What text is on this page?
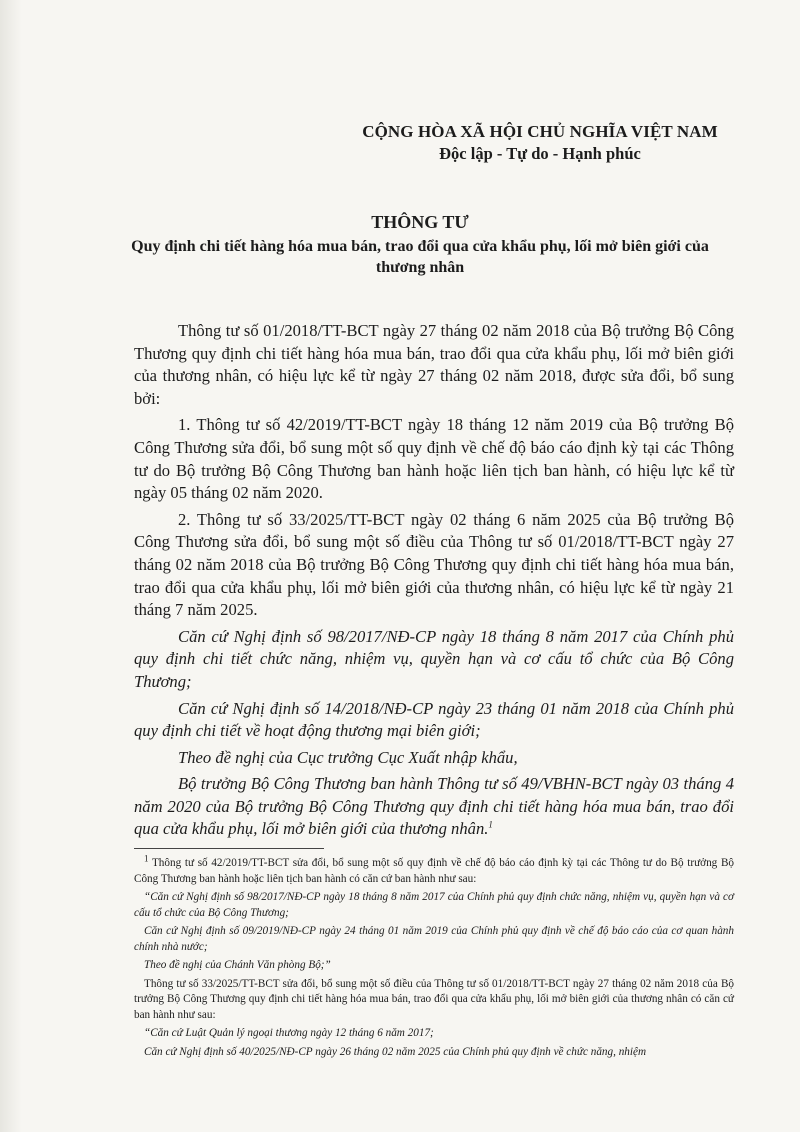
CỘNG HÒA XÃ HỘI CHỦ NGHĨA VIỆT NAM
Độc lập - Tự do - Hạnh phúc
THÔNG TƯ
Quy định chi tiết hàng hóa mua bán, trao đổi qua cửa khẩu phụ, lối mở biên giới của thương nhân

Thông tư số 01/2018/TT-BCT ngày 27 tháng 02 năm 2018 của Bộ trưởng Bộ Công Thương quy định chi tiết hàng hóa mua bán, trao đổi qua cửa khẩu phụ, lối mở biên giới của thương nhân, có hiệu lực kể từ ngày 27 tháng 02 năm 2018, được sửa đổi, bổ sung bởi:

1. Thông tư số 42/2019/TT-BCT ngày 18 tháng 12 năm 2019 của Bộ trưởng Bộ Công Thương sửa đổi, bổ sung một số quy định về chế độ báo cáo định kỳ tại các Thông tư do Bộ trưởng Bộ Công Thương ban hành hoặc liên tịch ban hành, có hiệu lực kể từ ngày 05 tháng 02 năm 2020.

2. Thông tư số 33/2025/TT-BCT ngày 02 tháng 6 năm 2025 của Bộ trưởng Bộ Công Thương sửa đổi, bổ sung một số điều của Thông tư số 01/2018/TT-BCT ngày 27 tháng 02 năm 2018 của Bộ trưởng Bộ Công Thương quy định chi tiết hàng hóa mua bán, trao đổi qua cửa khẩu phụ, lối mở biên giới của thương nhân, có hiệu lực kể từ ngày 21 tháng 7 năm 2025.

Căn cứ Nghị định số 98/2017/NĐ-CP ngày 18 tháng 8 năm 2017 của Chính phủ quy định chi tiết chức năng, nhiệm vụ, quyền hạn và cơ cấu tổ chức của Bộ Công Thương;

Căn cứ Nghị định số 14/2018/NĐ-CP ngày 23 tháng 01 năm 2018 của Chính phủ quy định chi tiết về hoạt động thương mại biên giới;

Theo đề nghị của Cục trưởng Cục Xuất nhập khẩu,

Bộ trưởng Bộ Công Thương ban hành Thông tư số 49/VBHN-BCT ngày 03 tháng 4 năm 2020 của Bộ trưởng Bộ Công Thương quy định chi tiết hàng hóa mua bán, trao đổi qua cửa khẩu phụ, lối mở biên giới của thương nhân.$^1$

$^1$ Thông tư số 42/2019/TT-BCT sửa đổi, bổ sung một số quy định về chế độ báo cáo định kỳ tại các Thông tư do Bộ trưởng Bộ Công Thương ban hành hoặc liên tịch ban hành có căn cứ ban hành như sau:

“Căn cứ Nghị định số 98/2017/NĐ-CP ngày 18 tháng 8 năm 2017 của Chính phủ quy định chức năng, nhiệm vụ, quyền hạn và cơ cấu tổ chức của Bộ Công Thương;

Căn cứ Nghị định số 09/2019/NĐ-CP ngày 24 tháng 01 năm 2019 của Chính phủ quy định về chế độ báo cáo của cơ quan hành chính nhà nước;

Theo đề nghị của Chánh Văn phòng Bộ;”

Thông tư số 33/2025/TT-BCT sửa đổi, bổ sung một số điều của Thông tư số 01/2018/TT-BCT ngày 27 tháng 02 năm 2018 của Bộ trưởng Bộ Công Thương quy định chi tiết hàng hóa mua bán, trao đổi qua cửa khẩu phụ, lối mở biên giới của thương nhân có căn cứ ban hành như sau:

“Căn cứ Luật Quản lý ngoại thương ngày 12 tháng 6 năm 2017;

Căn cứ Nghị định số 40/2025/NĐ-CP ngày 26 tháng 02 năm 2025 của Chính phủ quy định về chức năng, nhiệm
